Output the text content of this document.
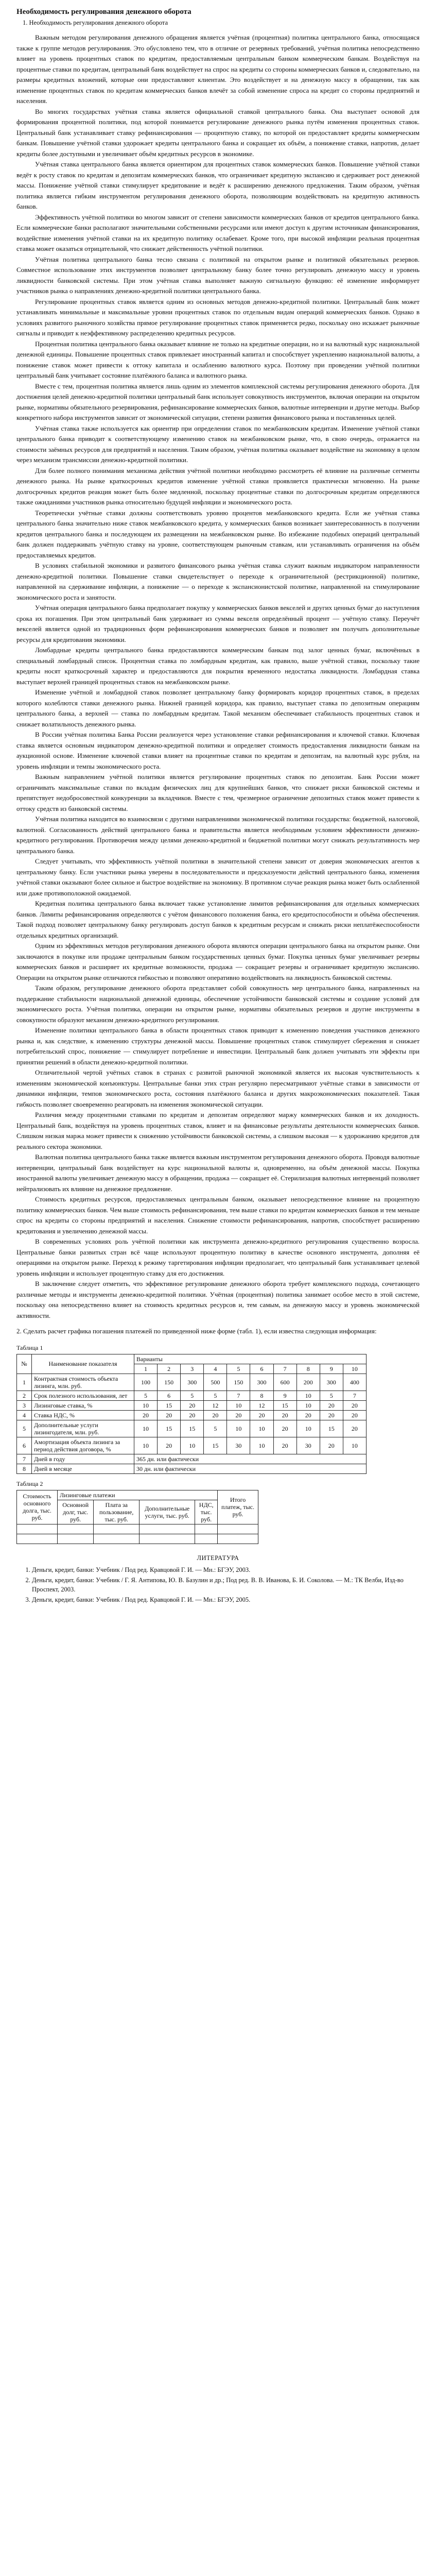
Необходимость регулирования денежного оборота
1. Необходимость регулирования денежного оборота

Важным методом регулирования денежного обращения является учётная (процентная) политика центрального банка, относящаяся также к группе методов регулирования. Это обусловлено тем, что в отличие от резервных требований, учётная политика непосредственно влияет на уровень процентных ставок по кредитам, предоставляемым центральным банком коммерческим банкам. Воздействуя на процентные ставки по кредитам, центральный банк воздействует на спрос на кредиты со стороны коммерческих банков и, следовательно, на размеры кредитных вложений, которые они предоставляют клиентам. Это воздействует и на денежную массу в обращении, так как изменение процентных ставок по кредитам коммерческих банков влечёт за собой изменение спроса на кредит со стороны предприятий и населения.

Во многих государствах учётная ставка является официальной ставкой центрального банка. Она выступает основой для формирования процентной политики, под которой понимается регулирование денежного рынка путём изменения процентных ставок. Центральный банк устанавливает ставку рефинансирования — процентную ставку, по которой он предоставляет кредиты коммерческим банкам. Повышение учётной ставки удорожает кредиты центрального банка и сокращает их объём, а понижение ставки, напротив, делает кредиты более доступными и увеличивает объём кредитных ресурсов в экономике.

Учётная ставка центрального банка является ориентиром для процентных ставок коммерческих банков. Повышение учётной ставки ведёт к росту ставок по кредитам и депозитам коммерческих банков, что ограничивает кредитную экспансию и сдерживает рост денежной массы. Понижение учётной ставки стимулирует кредитование и ведёт к расширению денежного предложения. Таким образом, учётная политика является гибким инструментом регулирования денежного оборота, позволяющим воздействовать на кредитную активность банков.

Эффективность учётной политики во многом зависит от степени зависимости коммерческих банков от кредитов центрального банка. Если коммерческие банки располагают значительными собственными ресурсами или имеют доступ к другим источникам финансирования, воздействие изменения учётной ставки на их кредитную политику ослабевает. Кроме того, при высокой инфляции реальная процентная ставка может оказаться отрицательной, что снижает действенность учётной политики.

Учётная политика центрального банка тесно связана с политикой на открытом рынке и политикой обязательных резервов. Совместное использование этих инструментов позволяет центральному банку более точно регулировать денежную массу и уровень ликвидности банковской системы. При этом учётная ставка выполняет важную сигнальную функцию: её изменение информирует участников рынка о направлениях денежно-кредитной политики центрального банка.

Регулирование процентных ставок является одним из основных методов денежно-кредитной политики. Центральный банк может устанавливать минимальные и максимальные уровни процентных ставок по отдельным видам операций коммерческих банков. Однако в условиях развитого рыночного хозяйства прямое регулирование процентных ставок применяется редко, поскольку оно искажает рыночные сигналы и приводит к неэффективному распределению кредитных ресурсов.

Процентная политика центрального банка оказывает влияние не только на кредитные операции, но и на валютный курс национальной денежной единицы. Повышение процентных ставок привлекает иностранный капитал и способствует укреплению национальной валюты, а понижение ставок может привести к оттоку капитала и ослаблению валютного курса. Поэтому при проведении учётной политики центральный банк учитывает состояние платёжного баланса и валютного рынка.

Вместе с тем, процентная политика является лишь одним из элементов комплексной системы регулирования денежного оборота. Для достижения целей денежно-кредитной политики центральный банк использует совокупность инструментов, включая операции на открытом рынке, нормативы обязательного резервирования, рефинансирование коммерческих банков, валютные интервенции и другие методы. Выбор конкретного набора инструментов зависит от экономической ситуации, степени развития финансового рынка и поставленных целей.

Учётная ставка также используется как ориентир при определении ставок по межбанковским кредитам. Изменение учётной ставки центрального банка приводит к соответствующему изменению ставок на межбанковском рынке, что, в свою очередь, отражается на стоимости заёмных ресурсов для предприятий и населения. Таким образом, учётная политика оказывает воздействие на экономику в целом через механизм трансмиссии денежно-кредитной политики.

Для более полного понимания механизма действия учётной политики необходимо рассмотреть её влияние на различные сегменты денежного рынка. На рынке краткосрочных кредитов изменение учётной ставки проявляется практически мгновенно. На рынке долгосрочных кредитов реакция может быть более медленной, поскольку процентные ставки по долгосрочным кредитам определяются также ожиданиями участников рынка относительно будущей инфляции и экономического роста.

Теоретически учётные ставки должны соответствовать уровню процентов межбанковского кредита. Если же учётная ставка центрального банка значительно ниже ставок межбанковского кредита, у коммерческих банков возникает заинтересованность в получении кредитов центрального банка и последующем их размещении на межбанковском рынке. Во избежание подобных операций центральный банк должен поддерживать учётную ставку на уровне, соответствующем рыночным ставкам, или устанавливать ограничения на объём предоставляемых кредитов.

В условиях стабильной экономики и развитого финансового рынка учётная ставка служит важным индикатором направленности денежно-кредитной политики. Повышение ставки свидетельствует о переходе к ограничительной (рестрикционной) политике, направленной на сдерживание инфляции, а понижение — о переходе к экспансионистской политике, направленной на стимулирование экономического роста и занятости.

Учётная операция центрального банка предполагает покупку у коммерческих банков векселей и других ценных бумаг до наступления срока их погашения. При этом центральный банк удерживает из суммы векселя определённый процент — учётную ставку. Переучёт векселей является одной из традиционных форм рефинансирования коммерческих банков и позволяет им получать дополнительные ресурсы для кредитования экономики.

Ломбардные кредиты центрального банка предоставляются коммерческим банкам под залог ценных бумаг, включённых в специальный ломбардный список. Процентная ставка по ломбардным кредитам, как правило, выше учётной ставки, поскольку такие кредиты носят краткосрочный характер и предоставляются для покрытия временного недостатка ликвидности. Ломбардная ставка выступает верхней границей процентных ставок на межбанковском рынке.

Изменение учётной и ломбардной ставок позволяет центральному банку формировать коридор процентных ставок, в пределах которого колеблются ставки денежного рынка. Нижней границей коридора, как правило, выступает ставка по депозитным операциям центрального банка, а верхней — ставка по ломбардным кредитам. Такой механизм обеспечивает стабильность процентных ставок и снижает волатильность денежного рынка.

В России учётная политика Банка России реализуется через установление ставки рефинансирования и ключевой ставки. Ключевая ставка является основным индикатором денежно-кредитной политики и определяет стоимость предоставления ликвидности банкам на аукционной основе. Изменение ключевой ставки влияет на процентные ставки по кредитам и депозитам, на валютный курс рубля, на уровень инфляции и темпы экономического роста.

Важным направлением учётной политики является регулирование процентных ставок по депозитам. Банк России может ограничивать максимальные ставки по вкладам физических лиц для крупнейших банков, что снижает риски банковской системы и препятствует недобросовестной конкуренции за вкладчиков. Вместе с тем, чрезмерное ограничение депозитных ставок может привести к оттоку средств из банковской системы.

Учётная политика находится во взаимосвязи с другими направлениями экономической политики государства: бюджетной, налоговой, валютной. Согласованность действий центрального банка и правительства является необходимым условием эффективности денежно-кредитного регулирования. Противоречия между целями денежно-кредитной и бюджетной политики могут снижать результативность мер центрального банка.

Следует учитывать, что эффективность учётной политики в значительной степени зависит от доверия экономических агентов к центральному банку. Если участники рынка уверены в последовательности и предсказуемости действий центрального банка, изменения учётной ставки оказывают более сильное и быстрое воздействие на экономику. В противном случае реакция рынка может быть ослабленной или даже противоположной ожидаемой.

Кредитная политика центрального банка включает также установление лимитов рефинансирования для отдельных коммерческих банков. Лимиты рефинансирования определяются с учётом финансового положения банка, его кредитоспособности и объёма обеспечения. Такой подход позволяет центральному банку регулировать доступ банков к кредитным ресурсам и снижать риски неплатёжеспособности отдельных кредитных организаций.

Одним из эффективных методов регулирования денежного оборота являются операции центрального банка на открытом рынке. Они заключаются в покупке или продаже центральным банком государственных ценных бумаг. Покупка ценных бумаг увеличивает резервы коммерческих банков и расширяет их кредитные возможности, продажа — сокращает резервы и ограничивает кредитную экспансию. Операции на открытом рынке отличаются гибкостью и позволяют оперативно воздействовать на ликвидность банковской системы.

Таким образом, регулирование денежного оборота представляет собой совокупность мер центрального банка, направленных на поддержание стабильности национальной денежной единицы, обеспечение устойчивости банковской системы и создание условий для экономического роста. Учётная политика, операции на открытом рынке, нормативы обязательных резервов и другие инструменты в совокупности образуют механизм денежно-кредитного регулирования.

Изменение политики центрального банка в области процентных ставок приводит к изменению поведения участников денежного рынка и, как следствие, к изменению структуры денежной массы. Повышение процентных ставок стимулирует сбережения и снижает потребительский спрос, понижение — стимулирует потребление и инвестиции. Центральный банк должен учитывать эти эффекты при принятии решений в области денежно-кредитной политики.

Отличительной чертой учётных ставок в странах с развитой рыночной экономикой является их высокая чувствительность к изменениям экономической конъюнктуры. Центральные банки этих стран регулярно пересматривают учётные ставки в зависимости от динамики инфляции, темпов экономического роста, состояния платёжного баланса и других макроэкономических показателей. Такая гибкость позволяет своевременно реагировать на изменения экономической ситуации.

Различия между процентными ставками по кредитам и депозитам определяют маржу коммерческих банков и их доходность. Центральный банк, воздействуя на уровень процентных ставок, влияет и на финансовые результаты деятельности коммерческих банков. Слишком низкая маржа может привести к снижению устойчивости банковской системы, а слишком высокая — к удорожанию кредитов для реального сектора экономики.

Валютная политика центрального банка также является важным инструментом регулирования денежного оборота. Проводя валютные интервенции, центральный банк воздействует на курс национальной валюты и, одновременно, на объём денежной массы. Покупка иностранной валюты увеличивает денежную массу в обращении, продажа — сокращает её. Стерилизация валютных интервенций позволяет нейтрализовать их влияние на денежное предложение.

Стоимость кредитных ресурсов, предоставляемых центральным банком, оказывает непосредственное влияние на процентную политику коммерческих банков. Чем выше стоимость рефинансирования, тем выше ставки по кредитам коммерческих банков и тем меньше спрос на кредиты со стороны предприятий и населения. Снижение стоимости рефинансирования, напротив, способствует расширению кредитования и увеличению денежной массы.

В современных условиях роль учётной политики как инструмента денежно-кредитного регулирования существенно возросла. Центральные банки развитых стран всё чаще используют процентную политику в качестве основного инструмента, дополняя её операциями на открытом рынке. Переход к режиму таргетирования инфляции предполагает, что центральный банк устанавливает целевой уровень инфляции и использует процентную ставку для его достижения.

В заключение следует отметить, что эффективное регулирование денежного оборота требует комплексного подхода, сочетающего различные методы и инструменты денежно-кредитной политики. Учётная (процентная) политика занимает особое место в этой системе, поскольку она непосредственно влияет на стоимость кредитных ресурсов и, тем самым, на денежную массу и уровень экономической активности.

2. Сделать расчет графика погашения платежей по приведенной ниже форме (табл. 1), если известна следующая информация:
Таблица 1
№	Наименование показателя	Варианты									
		1	2	3	4	5	6	7	8	9	10
1	Контрактная стоимость объекта лизинга, млн. руб.	100	150	300	500	150	300	600	200	300	400
2	Срок полезного использования, лет	5	6	5	5	7	8	9	10	5	7
3	Лизинговые ставка, %	10	15	20	12	10	12	15	10	20	20
4	Ставка НДС, %	20	20	20	20	20	20	20	20	20	20
5	Дополнительные услуги лизингодателя, млн. руб.	10	15	15	5	10	10	20	10	15	20
6	Амортизация объекта лизинга за период действия договора, %	10	20	10	15	30	10	20	30	20	10
7	Дней в году	365 дн. или фактически									
8	Дней в месяце	30 дн. или фактически									
Таблица 2
Стоимость основного долга, тыс. руб.	Лизинговые платежи				Итого платеж, тыс. руб.
	Основной долг, тыс. руб.	Плата за пользование, тыс. руб.	Дополнительные услуги, тыс. руб.	НДС, тыс. руб.	

ЛИТЕРАТУРА
1. Деньги, кредит, банки: Учебник / Под ред. Кравцовой Г. И. — Мн.: БГЭУ, 2003.
2. Деньги, кредит, банки: Учебник / Г. Я. Антипова, Ю. В. Базулин и др.; Под ред. В. В. Иванова, Б. И. Соколова. — М.: ТК Велби, Изд-во Проспект, 2003.
3. Деньги, кредит, банки: Учебник / Под ред. Кравцовой Г. И. — Мн.: БГЭУ, 2005.
